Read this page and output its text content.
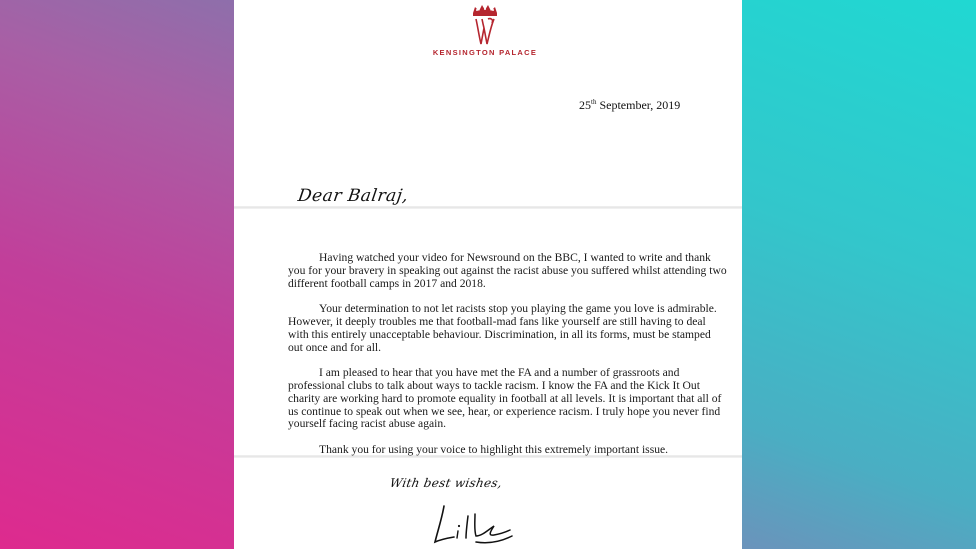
KENSINGTON PALACE
25th September, 2019
Dear Balraj,

Having watched your video for Newsround on the BBC, I wanted to write and thank you for your bravery in speaking out against the racist abuse you suffered whilst attending two different football camps in 2017 and 2018.

Your determination to not let racists stop you playing the game you love is admirable. However, it deeply troubles me that football-mad fans like yourself are still having to deal with this entirely unacceptable behaviour. Discrimination, in all its forms, must be stamped out once and for all.

I am pleased to hear that you have met the FA and a number of grassroots and professional clubs to talk about ways to tackle racism. I know the FA and the Kick It Out charity are working hard to promote equality in football at all levels. It is important that all of us continue to speak out when we see, hear, or experience racism. I truly hope you never find yourself facing racist abuse again.

Thank you for using your voice to highlight this extremely important issue.

With best wishes,
